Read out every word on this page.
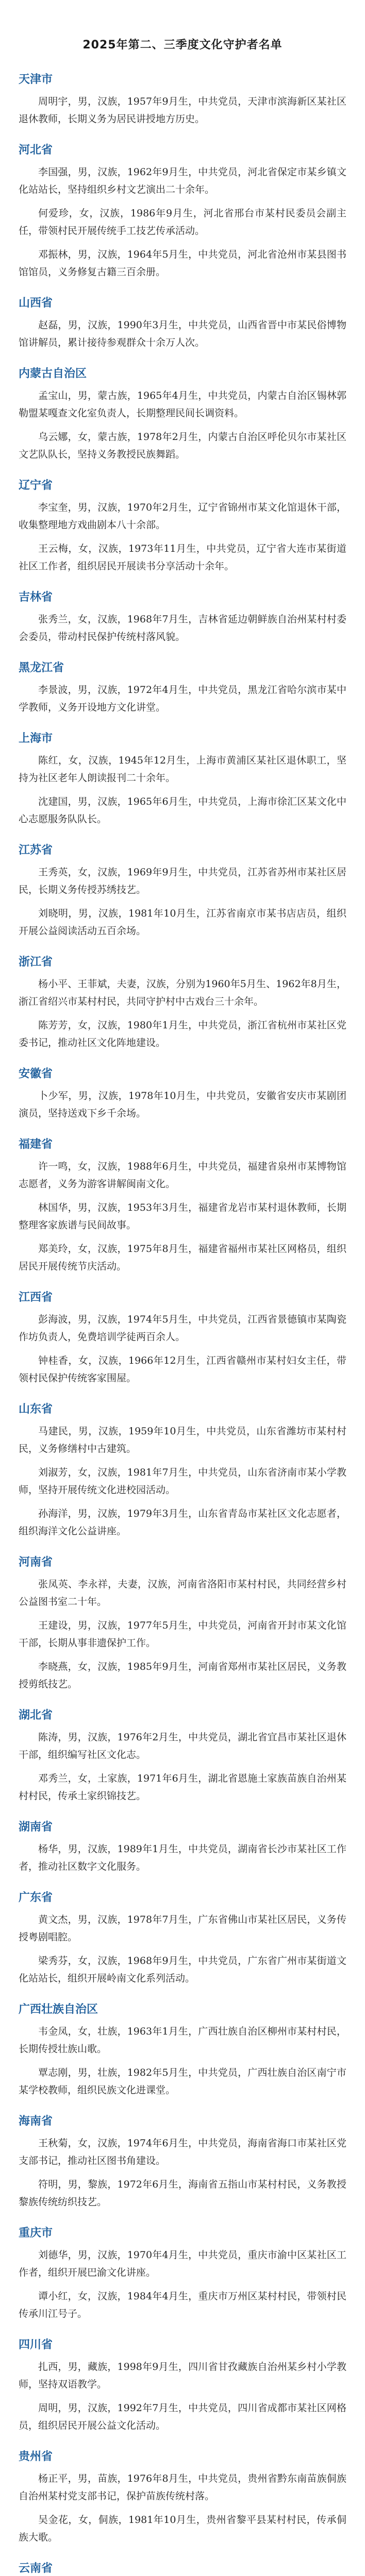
2025年第二、三季度文化守护者名单
天津市

周明宇，男，汉族，1957年9月生，中共党员，天津市滨海新区某社区退休教师，长期义务为居民讲授地方历史。

河北省

李国强，男，汉族，1962年9月生，中共党员，河北省保定市某乡镇文化站站长，坚持组织乡村文艺演出二十余年。

何爱珍，女，汉族，1986年9月生，河北省邢台市某村民委员会副主任，带领村民开展传统手工技艺传承活动。

邓振林，男，汉族，1964年5月生，中共党员，河北省沧州市某县图书馆馆员，义务修复古籍三百余册。

山西省

赵磊，男，汉族，1990年3月生，中共党员，山西省晋中市某民俗博物馆讲解员，累计接待参观群众十余万人次。

内蒙古自治区

孟宝山，男，蒙古族，1965年4月生，中共党员，内蒙古自治区锡林郭勒盟某嘎查文化室负责人，长期整理民间长调资料。

乌云娜，女，蒙古族，1978年2月生，内蒙古自治区呼伦贝尔市某社区文艺队队长，坚持义务教授民族舞蹈。

辽宁省

李宝奎，男，汉族，1970年2月生，辽宁省锦州市某文化馆退休干部，收集整理地方戏曲剧本八十余部。

王云梅，女，汉族，1973年11月生，中共党员，辽宁省大连市某街道社区工作者，组织居民开展读书分享活动十余年。

吉林省

张秀兰，女，汉族，1968年7月生，吉林省延边朝鲜族自治州某村村委会委员，带动村民保护传统村落风貌。

黑龙江省

李景波，男，汉族，1972年4月生，中共党员，黑龙江省哈尔滨市某中学教师，义务开设地方文化讲堂。

上海市

陈红，女，汉族，1945年12月生，上海市黄浦区某社区退休职工，坚持为社区老年人朗读报刊二十余年。

沈建国，男，汉族，1965年6月生，中共党员，上海市徐汇区某文化中心志愿服务队队长。

江苏省

王秀英，女，汉族，1969年9月生，中共党员，江苏省苏州市某社区居民，长期义务传授苏绣技艺。

刘晓明，男，汉族，1981年10月生，江苏省南京市某书店店员，组织开展公益阅读活动五百余场。

浙江省

杨小平、王菲斌，夫妻，汉族，分别为1960年5月生、1962年8月生，浙江省绍兴市某村村民，共同守护村中古戏台三十余年。

陈芳芳，女，汉族，1980年1月生，中共党员，浙江省杭州市某社区党委书记，推动社区文化阵地建设。

安徽省

卜少军，男，汉族，1978年10月生，中共党员，安徽省安庆市某剧团演员，坚持送戏下乡千余场。

福建省

许一鸣，女，汉族，1988年6月生，中共党员，福建省泉州市某博物馆志愿者，义务为游客讲解闽南文化。

林国华，男，汉族，1953年3月生，福建省龙岩市某村退休教师，长期整理客家族谱与民间故事。

郑美玲，女，汉族，1975年8月生，福建省福州市某社区网格员，组织居民开展传统节庆活动。

江西省

彭海波，男，汉族，1974年5月生，中共党员，江西省景德镇市某陶瓷作坊负责人，免费培训学徒两百余人。

钟桂香，女，汉族，1966年12月生，江西省赣州市某村妇女主任，带领村民保护传统客家围屋。

山东省

马建民，男，汉族，1959年10月生，中共党员，山东省潍坊市某村村民，义务修缮村中古建筑。

刘淑芳，女，汉族，1981年7月生，中共党员，山东省济南市某小学教师，坚持开展传统文化进校园活动。

孙海洋，男，汉族，1979年3月生，山东省青岛市某社区文化志愿者，组织海洋文化公益讲座。

河南省

张凤英、李永祥，夫妻，汉族，河南省洛阳市某村村民，共同经营乡村公益图书室二十年。

王建设，男，汉族，1977年5月生，中共党员，河南省开封市某文化馆干部，长期从事非遗保护工作。

李晓燕，女，汉族，1985年9月生，河南省郑州市某社区居民，义务教授剪纸技艺。

湖北省

陈涛，男，汉族，1976年2月生，中共党员，湖北省宜昌市某社区退休干部，组织编写社区文化志。

邓秀兰，女，土家族，1971年6月生，湖北省恩施土家族苗族自治州某村村民，传承土家织锦技艺。

湖南省

杨华，男，汉族，1989年1月生，中共党员，湖南省长沙市某社区工作者，推动社区数字文化服务。

广东省

黄文杰，男，汉族，1978年7月生，广东省佛山市某社区居民，义务传授粤剧唱腔。

梁秀芬，女，汉族，1968年9月生，中共党员，广东省广州市某街道文化站站长，组织开展岭南文化系列活动。

广西壮族自治区

韦金凤，女，壮族，1963年1月生，广西壮族自治区柳州市某村村民，长期传授壮族山歌。

覃志刚，男，壮族，1982年5月生，中共党员，广西壮族自治区南宁市某学校教师，组织民族文化进课堂。

海南省

王秋菊，女，汉族，1974年6月生，中共党员，海南省海口市某社区党支部书记，推动社区图书角建设。

符明，男，黎族，1972年6月生，海南省五指山市某村村民，义务教授黎族传统纺织技艺。

重庆市

刘德华，男，汉族，1970年4月生，中共党员，重庆市渝中区某社区工作者，组织开展巴渝文化讲座。

谭小红，女，汉族，1984年4月生，重庆市万州区某村村民，带领村民传承川江号子。

四川省

扎西，男，藏族，1998年9月生，四川省甘孜藏族自治州某乡村小学教师，坚持双语教学。

周明，男，汉族，1992年7月生，中共党员，四川省成都市某社区网格员，组织居民开展公益文化活动。

贵州省

杨正平，男，苗族，1976年8月生，中共党员，贵州省黔东南苗族侗族自治州某村党支部书记，保护苗族传统村落。

吴金花，女，侗族，1981年10月生，贵州省黎平县某村村民，传承侗族大歌。

云南省
